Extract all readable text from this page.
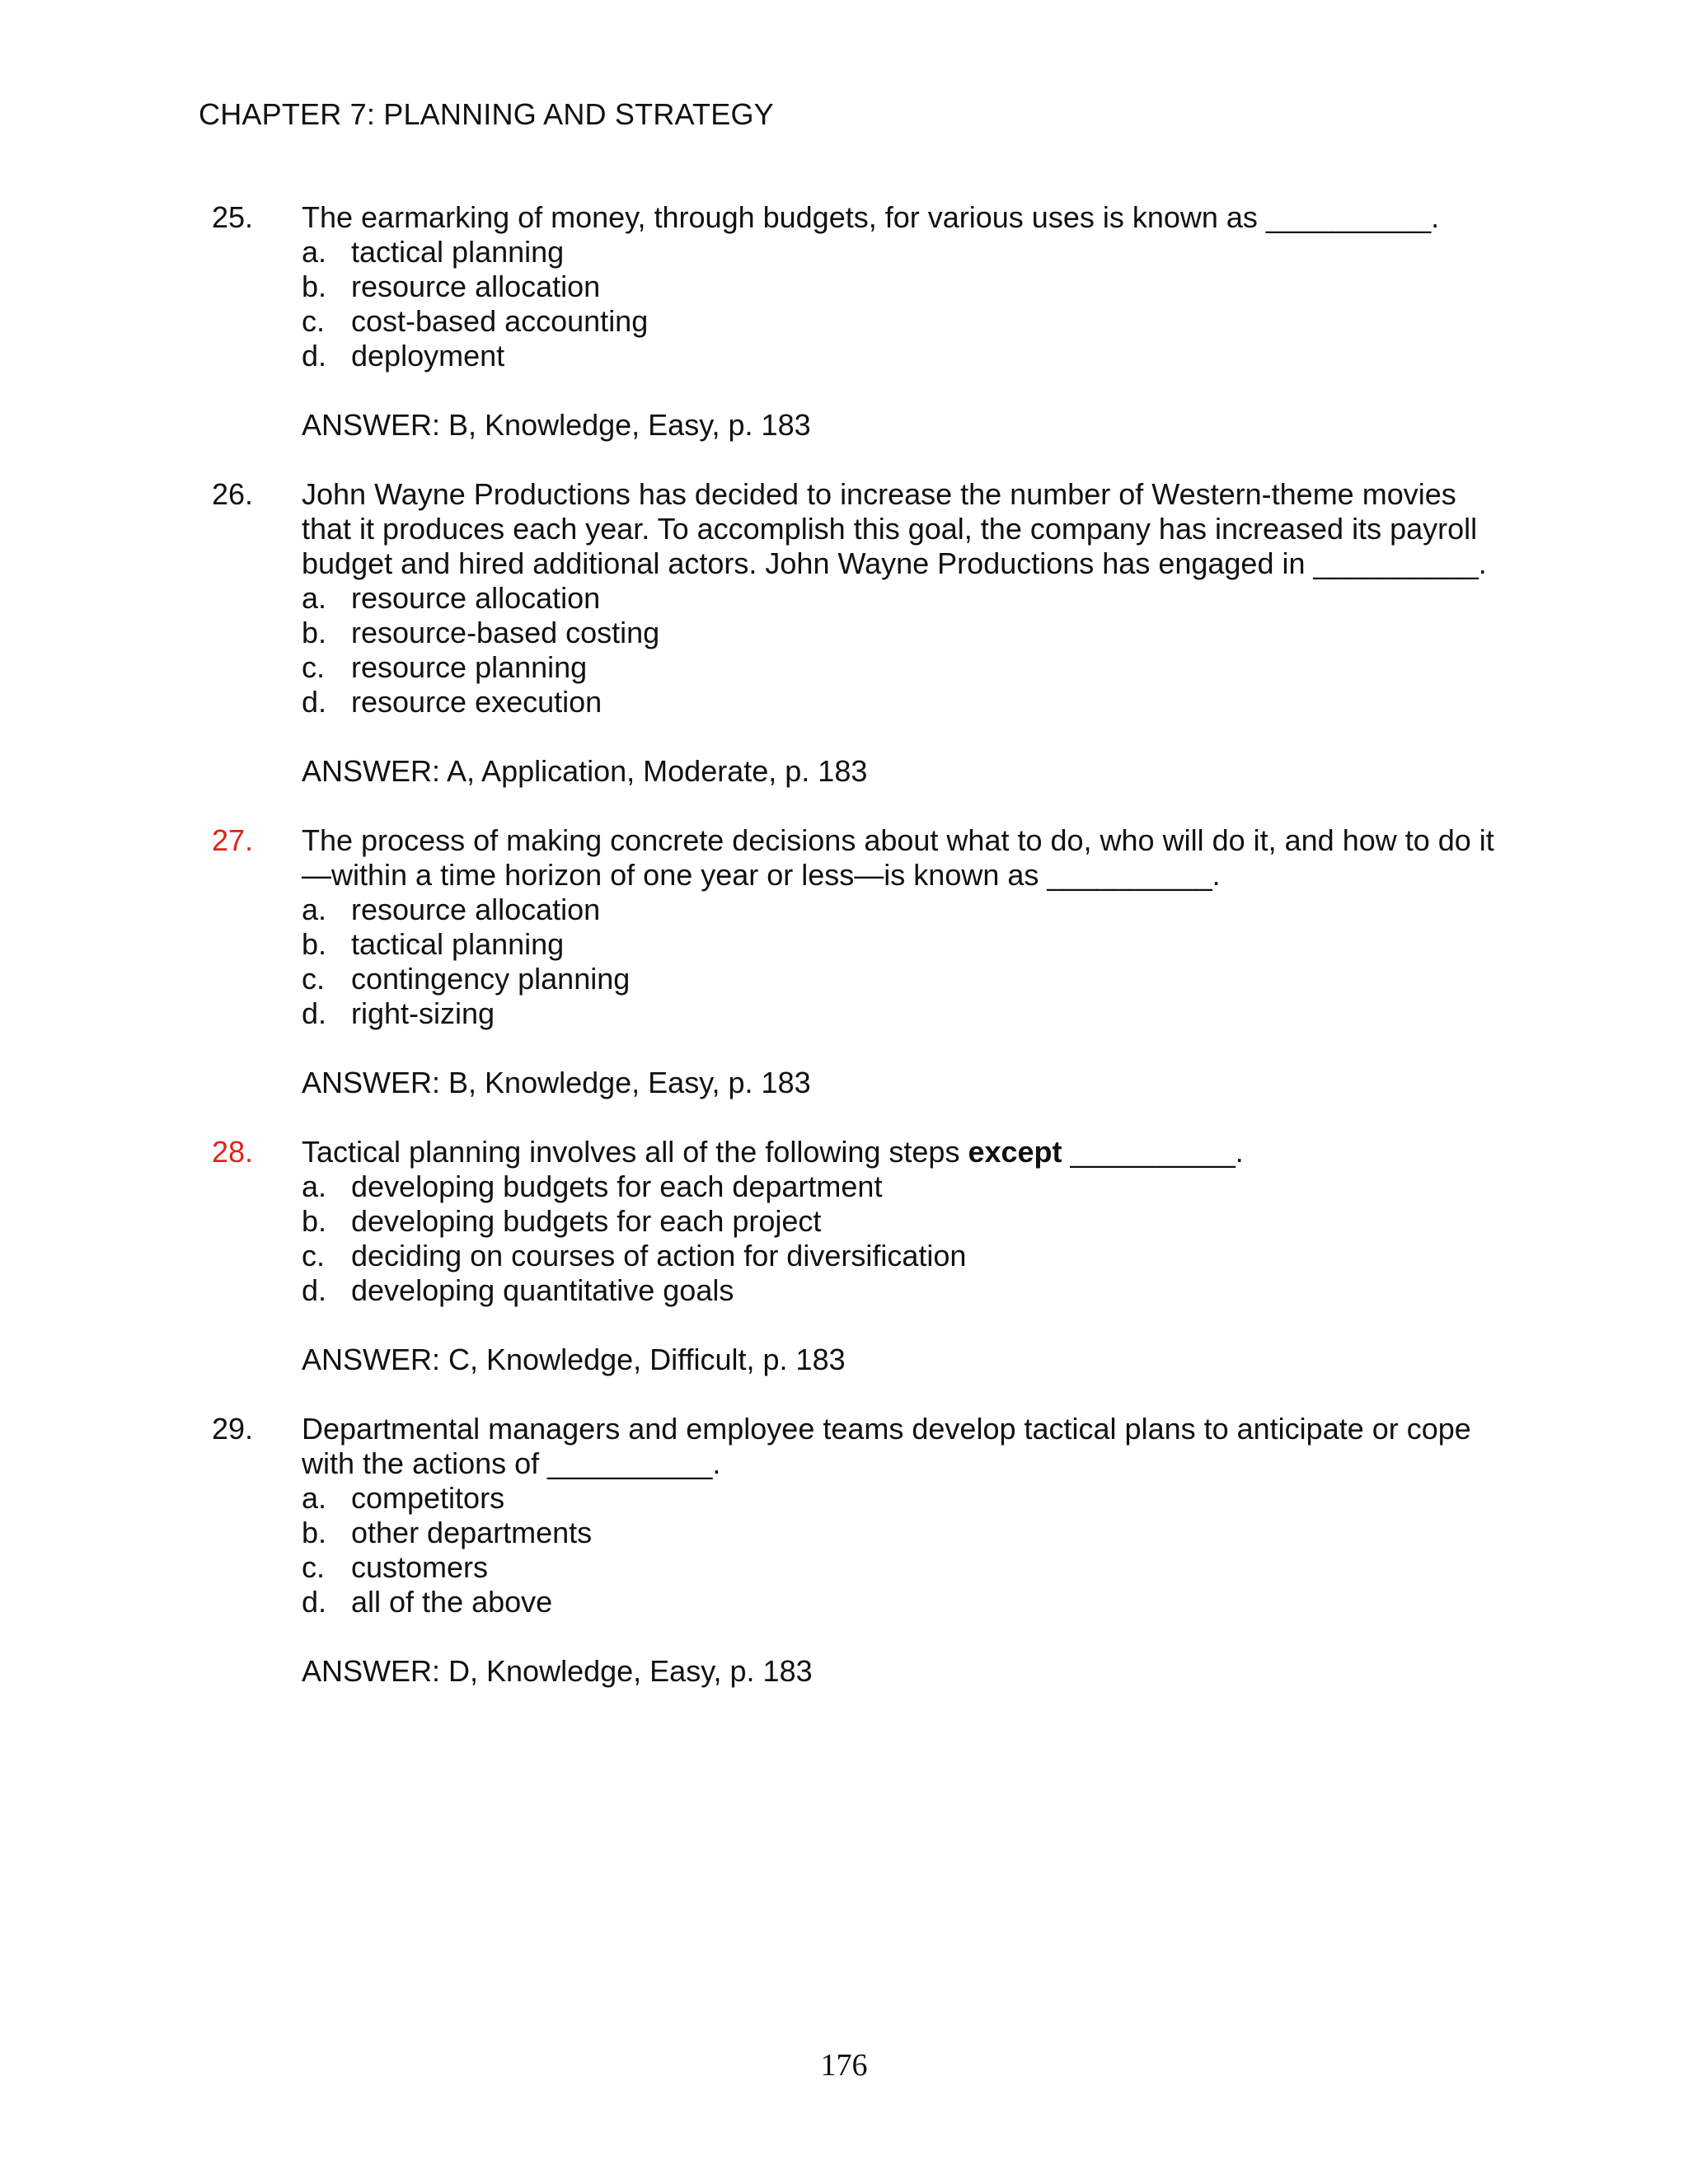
CHAPTER 7: PLANNING AND STRATEGY
25. The earmarking of money, through budgets, for various uses is known as __________.
a. tactical planning
b. resource allocation
c. cost-based accounting
d. deployment
ANSWER: B, Knowledge, Easy, p. 183
26. John Wayne Productions has decided to increase the number of Western-theme movies that it produces each year. To accomplish this goal, the company has increased its payroll budget and hired additional actors. John Wayne Productions has engaged in __________.
a. resource allocation
b. resource-based costing
c. resource planning
d. resource execution
ANSWER: A, Application, Moderate, p. 183
27. The process of making concrete decisions about what to do, who will do it, and how to do it—within a time horizon of one year or less—is known as __________.
a. resource allocation
b. tactical planning
c. contingency planning
d. right-sizing
ANSWER: B, Knowledge, Easy, p. 183
28. Tactical planning involves all of the following steps except __________.
a. developing budgets for each department
b. developing budgets for each project
c. deciding on courses of action for diversification
d. developing quantitative goals
ANSWER: C, Knowledge, Difficult, p. 183
29. Departmental managers and employee teams develop tactical plans to anticipate or cope with the actions of __________.
a. competitors
b. other departments
c. customers
d. all of the above
ANSWER: D, Knowledge, Easy, p. 183
176
